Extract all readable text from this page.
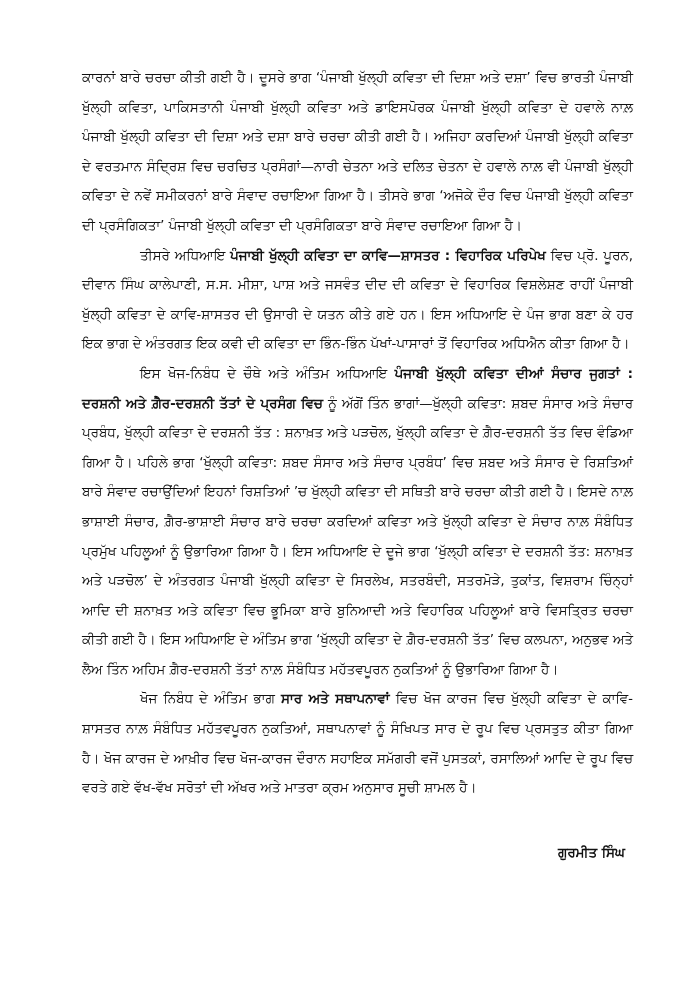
ਕਾਰਨਾਂ ਬਾਰੇ ਚਰਚਾ ਕੀਤੀ ਗਈ ਹੈ। ਦੂਸਰੇ ਭਾਗ ‘ਪੰਜਾਬੀ ਖੁੱਲ੍ਹੀ ਕਵਿਤਾ ਦੀ ਦਿਸ਼ਾ ਅਤੇ ਦਸ਼ਾ’ ਵਿਚ ਭਾਰਤੀ ਪੰਜਾਬੀ ਖੁੱਲ੍ਹੀ ਕਵਿਤਾ, ਪਾਕਿਸਤਾਨੀ ਪੰਜਾਬੀ ਖੁੱਲ੍ਹੀ ਕਵਿਤਾ ਅਤੇ ਡਾਇਸਪੋਰਕ ਪੰਜਾਬੀ ਖੁੱਲ੍ਹੀ ਕਵਿਤਾ ਦੇ ਹਵਾਲੇ ਨਾਲ਼ ਪੰਜਾਬੀ ਖੁੱਲ੍ਹੀ ਕਵਿਤਾ ਦੀ ਦਿਸ਼ਾ ਅਤੇ ਦਸ਼ਾ ਬਾਰੇ ਚਰਚਾ ਕੀਤੀ ਗਈ ਹੈ। ਅਜਿਹਾ ਕਰਦਿਆਂ ਪੰਜਾਬੀ ਖੁੱਲ੍ਹੀ ਕਵਿਤਾ ਦੇ ਵਰਤਮਾਨ ਸੰਦ੍ਰਿਸ਼ ਵਿਚ ਚਰਚਿਤ ਪ੍ਰਸੰਗਾਂ—ਨਾਰੀ ਚੇਤਨਾ ਅਤੇ ਦਲਿਤ ਚੇਤਨਾ ਦੇ ਹਵਾਲੇ ਨਾਲ਼ ਵੀ ਪੰਜਾਬੀ ਖੁੱਲ੍ਹੀ ਕਵਿਤਾ ਦੇ ਨਵੇਂ ਸਮੀਕਰਨਾਂ ਬਾਰੇ ਸੰਵਾਦ ਰਚਾਇਆ ਗਿਆ ਹੈ। ਤੀਸਰੇ ਭਾਗ ‘ਅਜੋਕੇ ਦੌਰ ਵਿਚ ਪੰਜਾਬੀ ਖੁੱਲ੍ਹੀ ਕਵਿਤਾ ਦੀ ਪ੍ਰਸੰਗਿਕਤਾ’ ਪੰਜਾਬੀ ਖੁੱਲ੍ਹੀ ਕਵਿਤਾ ਦੀ ਪ੍ਰਸੰਗਿਕਤਾ ਬਾਰੇ ਸੰਵਾਦ ਰਚਾਇਆ ਗਿਆ ਹੈ।

ਤੀਸਰੇ ਅਧਿਆਇ ਪੰਜਾਬੀ ਖੁੱਲ੍ਹੀ ਕਵਿਤਾ ਦਾ ਕਾਵਿ—ਸ਼ਾਸਤਰ : ਵਿਹਾਰਿਕ ਪਰਿਪੇਖ ਵਿਚ ਪ੍ਰੋ. ਪੂਰਨ, ਦੀਵਾਨ ਸਿੰਘ ਕਾਲੇਪਾਣੀ, ਸ.ਸ. ਮੀਸ਼ਾ, ਪਾਸ਼ ਅਤੇ ਜਸਵੰਤ ਦੀਦ ਦੀ ਕਵਿਤਾ ਦੇ ਵਿਹਾਰਿਕ ਵਿਸ਼ਲੇਸ਼ਣ ਰਾਹੀਂ ਪੰਜਾਬੀ ਖੁੱਲ੍ਹੀ ਕਵਿਤਾ ਦੇ ਕਾਵਿ-ਸ਼ਾਸਤਰ ਦੀ ਉਸਾਰੀ ਦੇ ਯਤਨ ਕੀਤੇ ਗਏ ਹਨ। ਇਸ ਅਧਿਆਇ ਦੇ ਪੰਜ ਭਾਗ ਬਣਾ ਕੇ ਹਰ ਇਕ ਭਾਗ ਦੇ ਅੰਤਰਗਤ ਇਕ ਕਵੀ ਦੀ ਕਵਿਤਾ ਦਾ ਭਿੰਨ-ਭਿੰਨ ਪੱਖਾਂ-ਪਾਸਾਰਾਂ ਤੋਂ ਵਿਹਾਰਿਕ ਅਧਿਐਨ ਕੀਤਾ ਗਿਆ ਹੈ।

ਇਸ ਖੋਜ-ਨਿਬੰਧ ਦੇ ਚੌਥੇ ਅਤੇ ਅੰਤਿਮ ਅਧਿਆਇ ਪੰਜਾਬੀ ਖੁੱਲ੍ਹੀ ਕਵਿਤਾ ਦੀਆਂ ਸੰਚਾਰ ਜੁਗਤਾਂ : ਦਰਸ਼ਨੀ ਅਤੇ ਗ਼ੈਰ-ਦਰਸ਼ਨੀ ਤੱਤਾਂ ਦੇ ਪ੍ਰਸੰਗ ਵਿਚ ਨੂੰ ਅੱਗੋਂ ਤਿੰਨ ਭਾਗਾਂ—ਖੁੱਲ੍ਹੀ ਕਵਿਤਾ: ਸ਼ਬਦ ਸੰਸਾਰ ਅਤੇ ਸੰਚਾਰ ਪ੍ਰਬੰਧ, ਖੁੱਲ੍ਹੀ ਕਵਿਤਾ ਦੇ ਦਰਸ਼ਨੀ ਤੱਤ : ਸ਼ਨਾਖ਼ਤ ਅਤੇ ਪੜਚੋਲ, ਖੁੱਲ੍ਹੀ ਕਵਿਤਾ ਦੇ ਗ਼ੈਰ-ਦਰਸ਼ਨੀ ਤੱਤ ਵਿਚ ਵੰਡਿਆ ਗਿਆ ਹੈ। ਪਹਿਲੇ ਭਾਗ ‘ਖੁੱਲ੍ਹੀ ਕਵਿਤਾ: ਸ਼ਬਦ ਸੰਸਾਰ ਅਤੇ ਸੰਚਾਰ ਪ੍ਰਬੰਧ’ ਵਿਚ ਸ਼ਬਦ ਅਤੇ ਸੰਸਾਰ ਦੇ ਰਿਸ਼ਤਿਆਂ ਬਾਰੇ ਸੰਵਾਦ ਰਚਾਉਂਦਿਆਂ ਇਹਨਾਂ ਰਿਸ਼ਤਿਆਂ ’ਚ ਖੁੱਲ੍ਹੀ ਕਵਿਤਾ ਦੀ ਸਥਿਤੀ ਬਾਰੇ ਚਰਚਾ ਕੀਤੀ ਗਈ ਹੈ। ਇਸਦੇ ਨਾਲ਼ ਭਾਸ਼ਾਈ ਸੰਚਾਰ, ਗ਼ੈਰ-ਭਾਸ਼ਾਈ ਸੰਚਾਰ ਬਾਰੇ ਚਰਚਾ ਕਰਦਿਆਂ ਕਵਿਤਾ ਅਤੇ ਖੁੱਲ੍ਹੀ ਕਵਿਤਾ ਦੇ ਸੰਚਾਰ ਨਾਲ਼ ਸੰਬੰਧਿਤ ਪ੍ਰਮੁੱਖ ਪਹਿਲੂਆਂ ਨੂੰ ਉਭਾਰਿਆ ਗਿਆ ਹੈ। ਇਸ ਅਧਿਆਇ ਦੇ ਦੂਜੇ ਭਾਗ ‘ਖੁੱਲ੍ਹੀ ਕਵਿਤਾ ਦੇ ਦਰਸ਼ਨੀ ਤੱਤ: ਸ਼ਨਾਖ਼ਤ ਅਤੇ ਪੜਚੋਲ’ ਦੇ ਅੰਤਰਗਤ ਪੰਜਾਬੀ ਖੁੱਲ੍ਹੀ ਕਵਿਤਾ ਦੇ ਸਿਰਲੇਖ, ਸਤਰਬੰਦੀ, ਸਤਰਮੋੜੇ, ਤੁਕਾਂਤ, ਵਿਸ਼ਰਾਮ ਚਿੰਨ੍ਹਾਂ ਆਦਿ ਦੀ ਸ਼ਨਾਖ਼ਤ ਅਤੇ ਕਵਿਤਾ ਵਿਚ ਭੂਮਿਕਾ ਬਾਰੇ ਬੁਨਿਆਦੀ ਅਤੇ ਵਿਹਾਰਿਕ ਪਹਿਲੂਆਂ ਬਾਰੇ ਵਿਸਤ੍ਰਿਤ ਚਰਚਾ ਕੀਤੀ ਗਈ ਹੈ। ਇਸ ਅਧਿਆਇ ਦੇ ਅੰਤਿਮ ਭਾਗ ‘ਖੁੱਲ੍ਹੀ ਕਵਿਤਾ ਦੇ ਗ਼ੈਰ-ਦਰਸ਼ਨੀ ਤੱਤ’ ਵਿਚ ਕਲਪਨਾ, ਅਨੁਭਵ ਅਤੇ ਲੈਅ ਤਿੰਨ ਅਹਿਮ ਗ਼ੈਰ-ਦਰਸ਼ਨੀ ਤੱਤਾਂ ਨਾਲ਼ ਸੰਬੰਧਿਤ ਮਹੱਤਵਪੂਰਨ ਨੁਕਤਿਆਂ ਨੂੰ ਉਭਾਰਿਆ ਗਿਆ ਹੈ।

ਖੋਜ ਨਿਬੰਧ ਦੇ ਅੰਤਿਮ ਭਾਗ ਸਾਰ ਅਤੇ ਸਥਾਪਨਾਵਾਂ ਵਿਚ ਖੋਜ ਕਾਰਜ ਵਿਚ ਖੁੱਲ੍ਹੀ ਕਵਿਤਾ ਦੇ ਕਾਵਿ-ਸ਼ਾਸਤਰ ਨਾਲ਼ ਸੰਬੰਧਿਤ ਮਹੱਤਵਪੂਰਨ ਨੁਕਤਿਆਂ, ਸਥਾਪਨਾਵਾਂ ਨੂੰ ਸੰਖਿਪਤ ਸਾਰ ਦੇ ਰੂਪ ਵਿਚ ਪ੍ਰਸਤੁਤ ਕੀਤਾ ਗਿਆ ਹੈ। ਖੋਜ ਕਾਰਜ ਦੇ ਆਖ਼ੀਰ ਵਿਚ ਖੋਜ-ਕਾਰਜ ਦੌਰਾਨ ਸਹਾਇਕ ਸਮੱਗਰੀ ਵਜੋਂ ਪੁਸਤਕਾਂ, ਰਸਾਲਿਆਂ ਆਦਿ ਦੇ ਰੂਪ ਵਿਚ ਵਰਤੇ ਗਏ ਵੱਖ-ਵੱਖ ਸਰੋਤਾਂ ਦੀ ਅੱਖਰ ਅਤੇ ਮਾਤਰਾ ਕ੍ਰਮ ਅਨੁਸਾਰ ਸੂਚੀ ਸ਼ਾਮਲ ਹੈ।

ਗੁਰਮੀਤ ਸਿੰਘ
